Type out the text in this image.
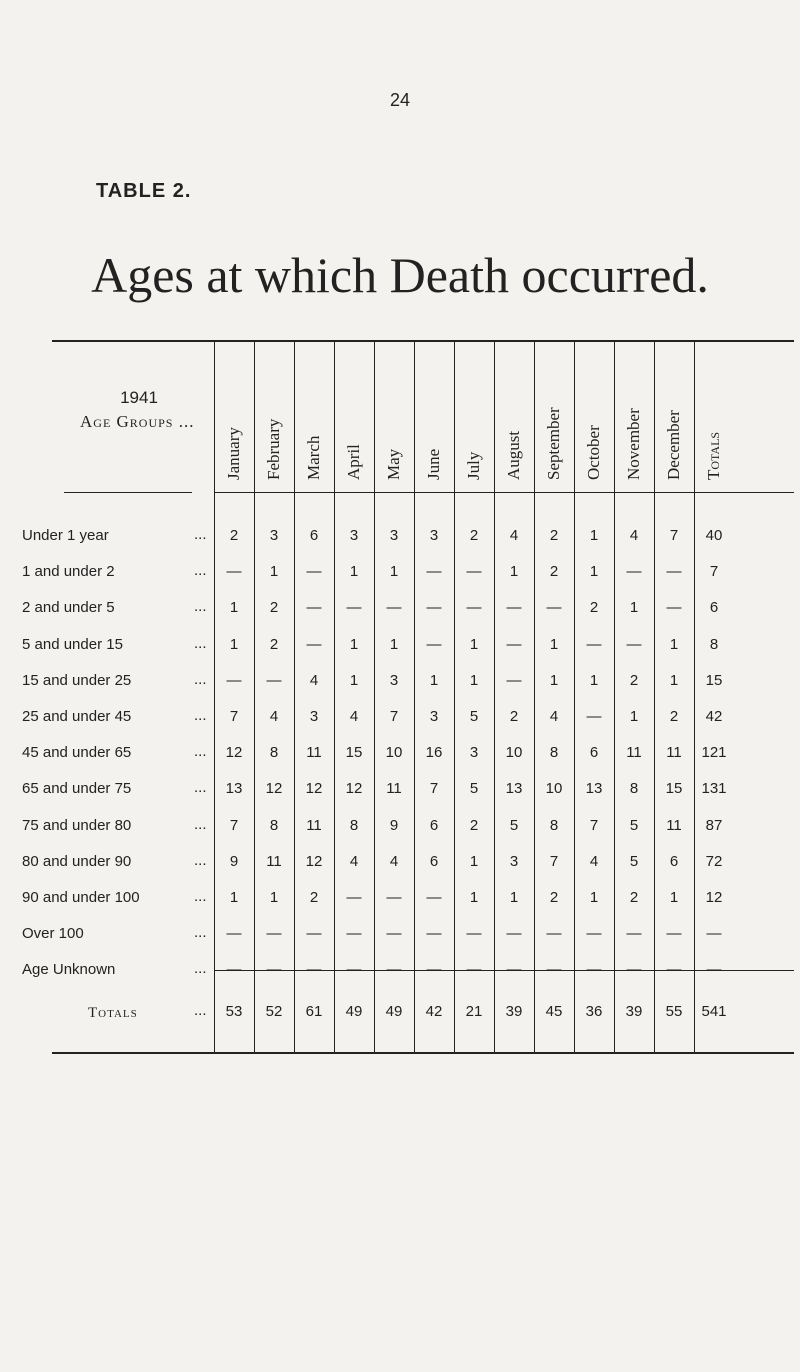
24
TABLE 2.
Ages at which Death occurred.
1941
Age Groups ...
January February March April May June July August September October November December Totals
Under 1 year	...	2	3	6	3	3	3	2	4	2	1	4	7	40
1 and under 2	...	—	1	—	1	1	—	—	1	2	1	—	—	7
2 and under 5	...	1	2	—	—	—	—	—	—	—	2	1	—	6
5 and under 15	...	1	2	—	1	1	—	1	—	1	—	—	1	8
15 and under 25	...	—	—	4	1	3	1	1	—	1	1	2	1	15
25 and under 45	...	7	4	3	4	7	3	5	2	4	—	1	2	42
45 and under 65	...	12	8	11	15	10	16	3	10	8	6	11	11	121
65 and under 75	...	13	12	12	12	11	7	5	13	10	13	8	15	131
75 and under 80	...	7	8	11	8	9	6	2	5	8	7	5	11	87
80 and under 90	...	9	11	12	4	4	6	1	3	7	4	5	6	72
90 and under 100	...	1	1	2	—	—	—	1	1	2	1	2	1	12
Over 100	...	—	—	—	—	—	—	—	—	—	—	—	—	—
Age Unknown	...	—	—	—	—	—	—	—	—	—	—	—	—	—
Totals	...	53	52	61	49	49	42	21	39	45	36	39	55	541
